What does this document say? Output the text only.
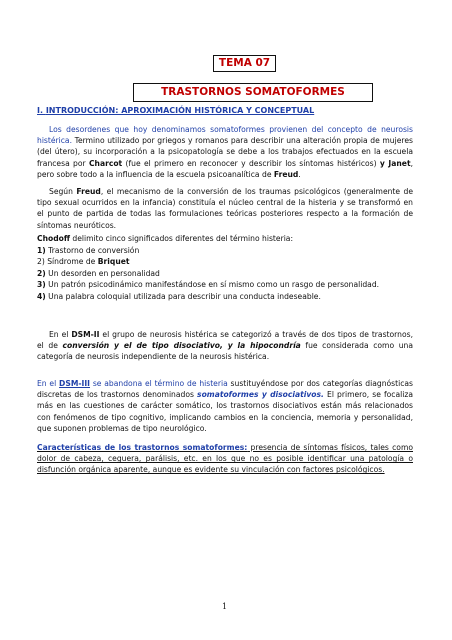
TEMA 07
TRASTORNOS SOMATOFORMES
I. INTRODUCCIÓN: APROXIMACIÓN HISTÓRICA Y CONCEPTUAL
Los desordenes que hoy denominamos somatoformes provienen del concepto de neurosis histérica. Termino utilizado por griegos y romanos para describir una alteración propia de mujeres (del útero), su incorporación a la psicopatología se debe a los trabajos efectuados en la escuela francesa por Charcot (fue el primero en reconocer y describir los síntomas histéricos) y Janet, pero sobre todo a la influencia de la escuela psicoanalítica de Freud.
Según Freud, el mecanismo de la conversión de los traumas psicológicos (generalmente de tipo sexual ocurridos en la infancia) constituía el núcleo central de la histeria y se transformó en el punto de partida de todas las formulaciones teóricas posteriores respecto a la formación de síntomas neuróticos.
Chodoff delimito cinco significados diferentes del término histeria:
1) Trastorno de conversión
2) Síndrome de Briquet
2) Un desorden en personalidad
3) Un patrón psicodinámico manifestándose en sí mismo como un rasgo de personalidad.
4) Una palabra coloquial utilizada para describir una conducta indeseable.
En el DSM-II el grupo de neurosis histérica se categorizó a través de dos tipos de trastornos, el de conversión y el de tipo disociativo, y la hipocondría fue considerada como una categoría de neurosis independiente de la neurosis histérica.
En el DSM-III se abandona el término de histeria sustituyéndose por dos categorías diagnósticas discretas de los trastornos denominados somatoformes y disociativos. El primero, se focaliza más en las cuestiones de carácter somático, los trastornos disociativos están más relacionados con fenómenos de tipo cognitivo, implicando cambios en la conciencia, memoria y personalidad, que suponen problemas de tipo neurológico.
Características de los trastornos somatoformes: presencia de síntomas físicos, tales como dolor de cabeza, ceguera, parálisis, etc. en los que no es posible identificar una patología o disfunción orgánica aparente, aunque es evidente su vinculación con factores psicológicos.
1
